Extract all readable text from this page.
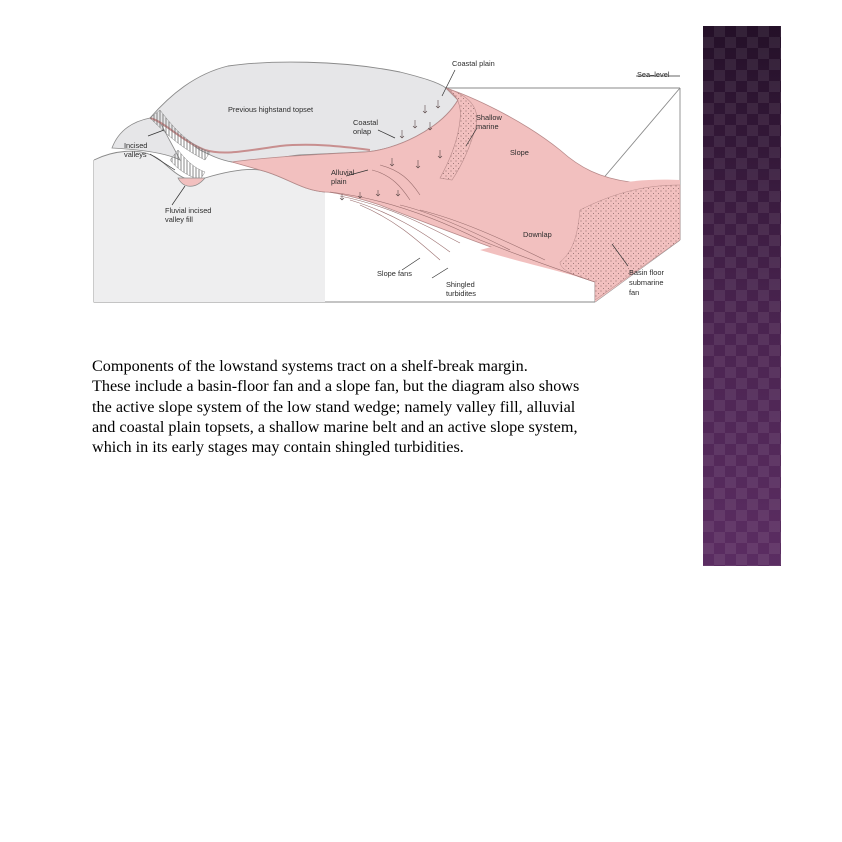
Coastal plain
Sea–level
Previous highstand topset
Shallow
marine
Coastal
onlap
Slope
Incised
valleys
Alluvial
plain
Fluvial incised
valley fill
Downlap
Slope fans
Shingled
turbidites
Basin floor
submarine
fan
Components of the lowstand systems tract on a shelf-break margin.
These include a basin-floor fan and a slope fan, but the diagram also shows
the active slope system of the low stand wedge; namely valley fill, alluvial
and coastal plain topsets, a shallow marine belt and an active slope system,
which in its early stages may contain shingled turbidities.
